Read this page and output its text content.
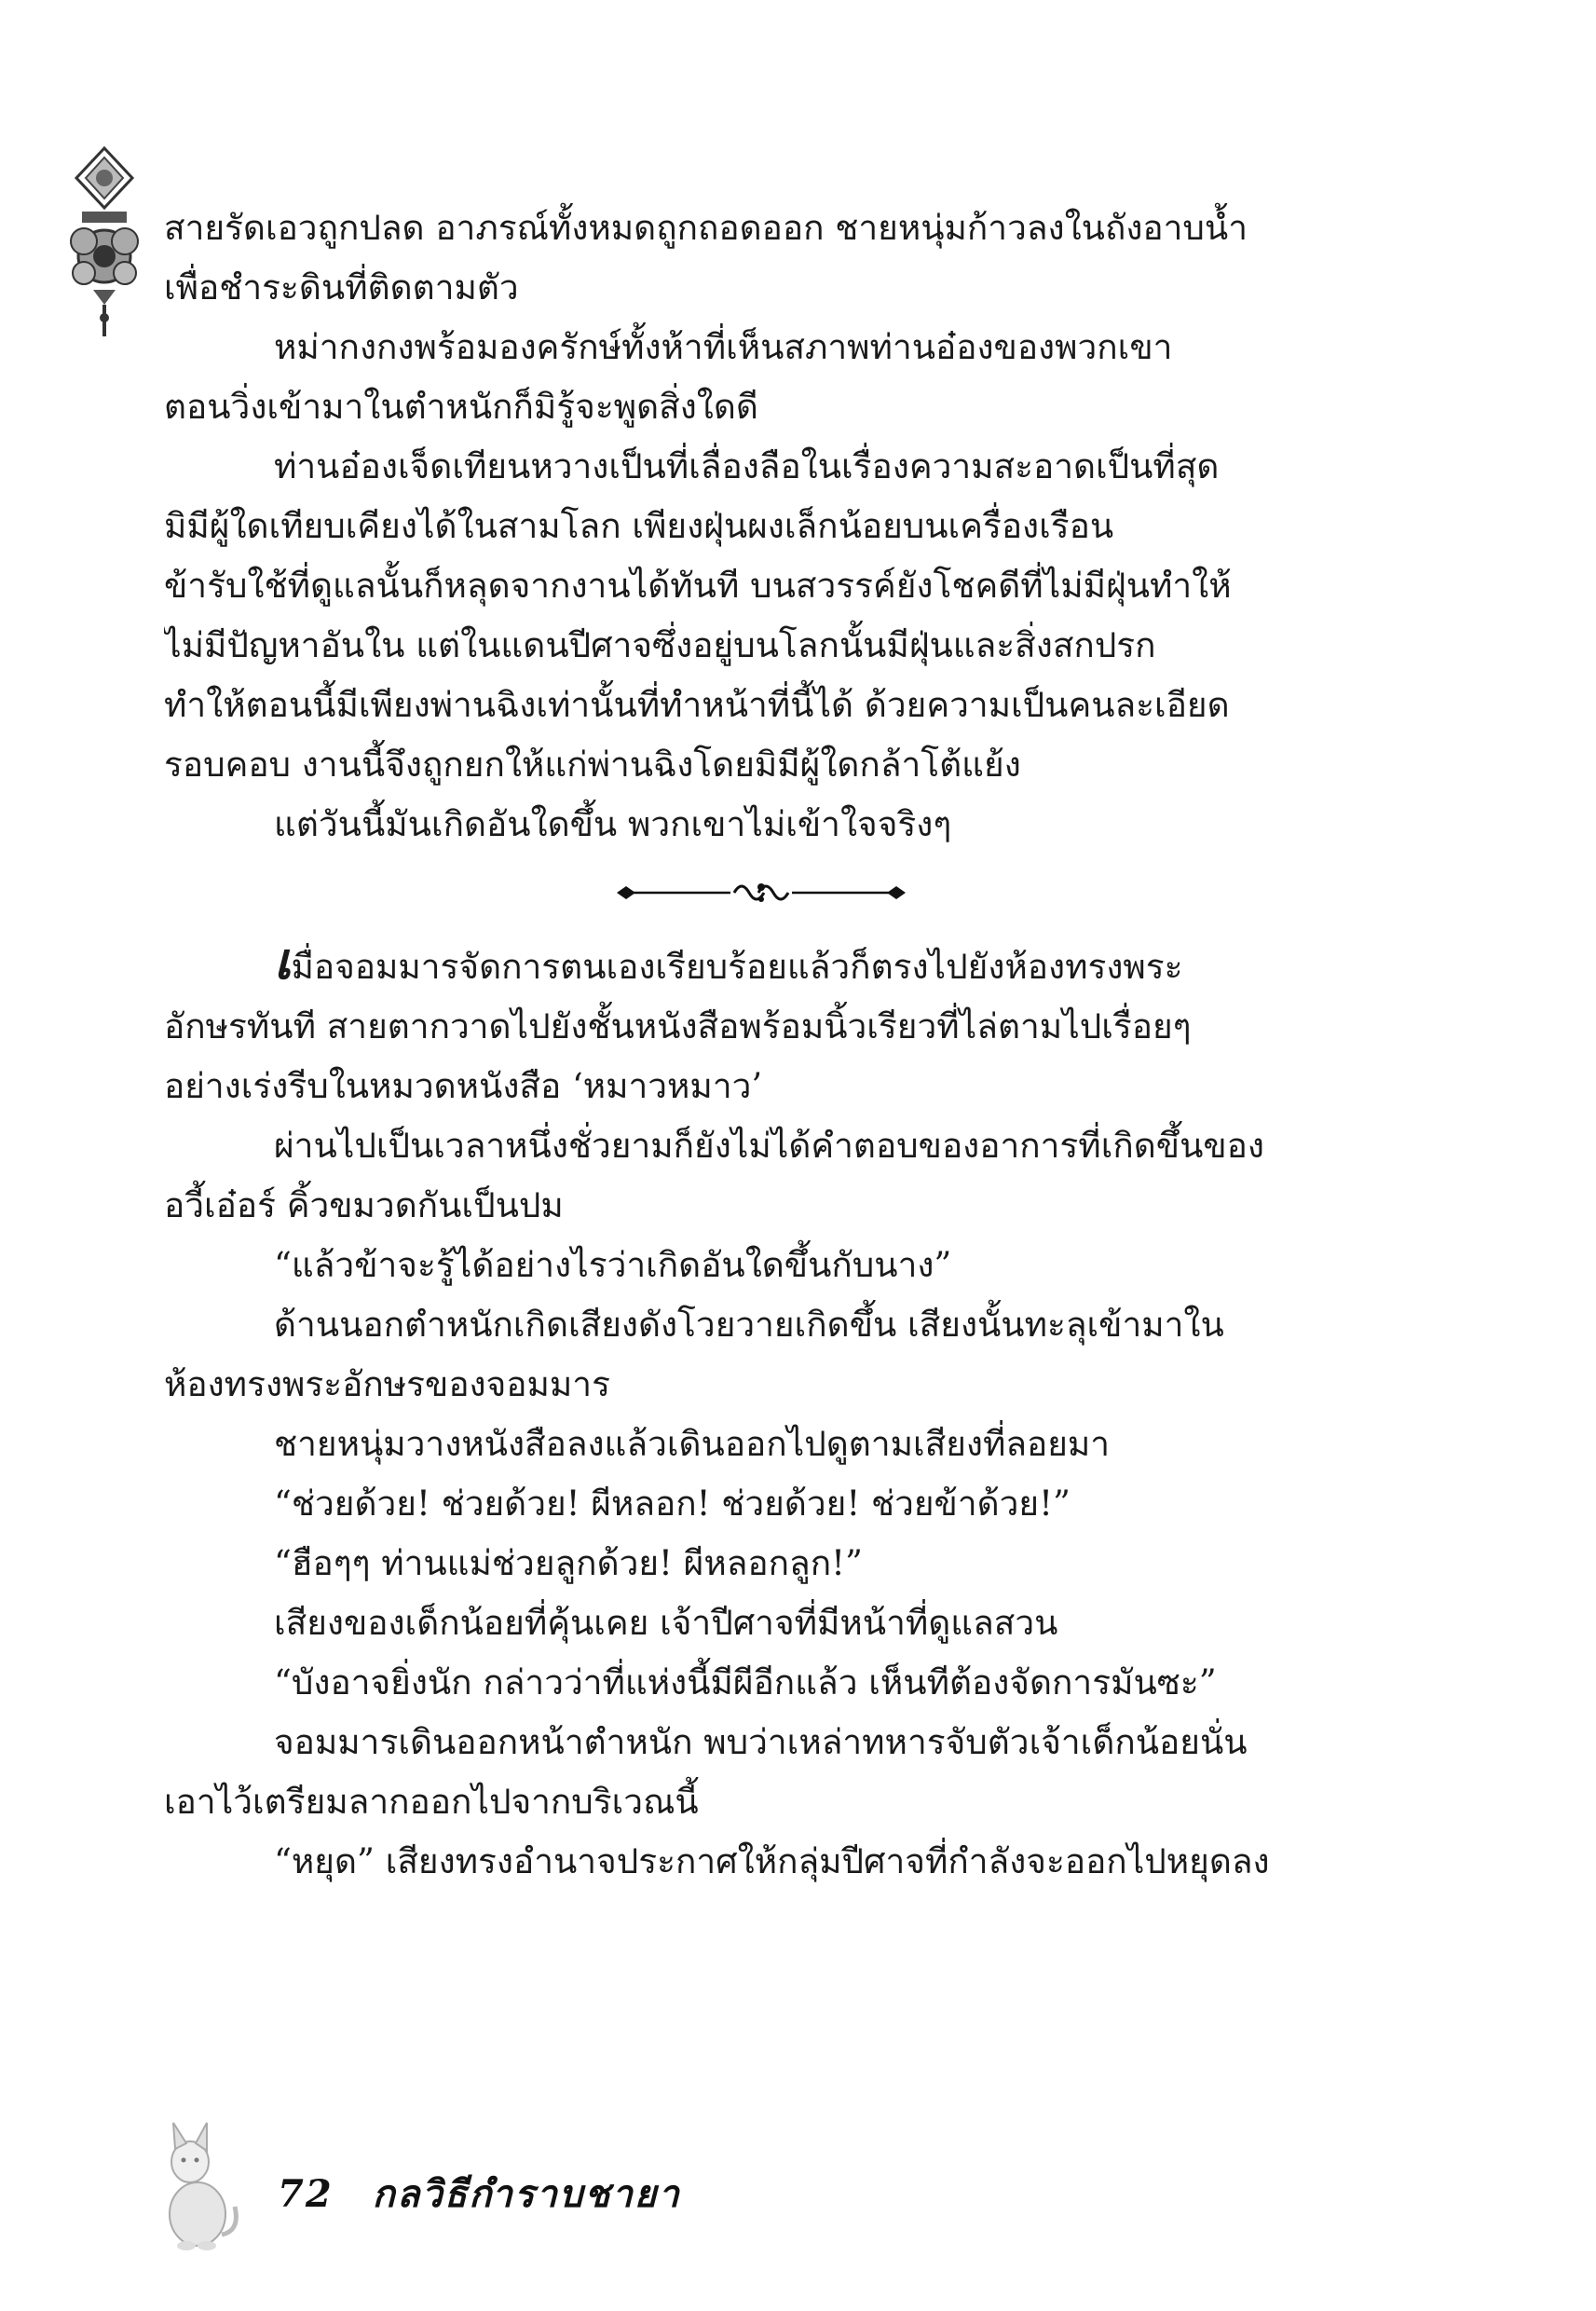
สายรัดเอวถูกปลด อาภรณ์ทั้งหมดถูกถอดออก ชายหนุ่มก้าวลงในถังอาบน้ำ

เพื่อชำระดินที่ติดตามตัว

หม่ากงกงพร้อมองครักษ์ทั้งห้าที่เห็นสภาพท่านอ๋องของพวกเขา

ตอนวิ่งเข้ามาในตำหนักก็มิรู้จะพูดสิ่งใดดี

ท่านอ๋องเจ็ดเทียนหวางเป็นที่เลื่องลือในเรื่องความสะอาดเป็นที่สุด

มิมีผู้ใดเทียบเคียงได้ในสามโลก เพียงฝุ่นผงเล็กน้อยบนเครื่องเรือน

ข้ารับใช้ที่ดูแลนั้นก็หลุดจากงานได้ทันที บนสวรรค์ยังโชคดีที่ไม่มีฝุ่นทำให้

ไม่มีปัญหาอันใน แต่ในแดนปีศาจซึ่งอยู่บนโลกนั้นมีฝุ่นและสิ่งสกปรก

ทำให้ตอนนี้มีเพียงพ่านฉิงเท่านั้นที่ทำหน้าที่นี้ได้ ด้วยความเป็นคนละเอียด

รอบคอบ งานนี้จึงถูกยกให้แก่พ่านฉิงโดยมิมีผู้ใดกล้าโต้แย้ง

แต่วันนี้มันเกิดอันใดขึ้น พวกเขาไม่เข้าใจจริงๆ

เมื่อจอมมารจัดการตนเองเรียบร้อยแล้วก็ตรงไปยังห้องทรงพระ

อักษรทันที สายตากวาดไปยังชั้นหนังสือพร้อมนิ้วเรียวที่ไล่ตามไปเรื่อยๆ

อย่างเร่งรีบในหมวดหนังสือ ‘หมาวหมาว’

ผ่านไปเป็นเวลาหนึ่งชั่วยามก็ยังไม่ได้คำตอบของอาการที่เกิดขึ้นของ

อวี้เอ๋อร์ คิ้วขมวดกันเป็นปม

“แล้วข้าจะรู้ได้อย่างไรว่าเกิดอันใดขึ้นกับนาง”

ด้านนอกตำหนักเกิดเสียงดังโวยวายเกิดขึ้น เสียงนั้นทะลุเข้ามาใน

ห้องทรงพระอักษรของจอมมาร

ชายหนุ่มวางหนังสือลงแล้วเดินออกไปดูตามเสียงที่ลอยมา

“ช่วยด้วย! ช่วยด้วย! ผีหลอก! ช่วยด้วย! ช่วยข้าด้วย!”

“ฮือๆๆ ท่านแม่ช่วยลูกด้วย! ผีหลอกลูก!”

เสียงของเด็กน้อยที่คุ้นเคย เจ้าปีศาจที่มีหน้าที่ดูแลสวน

“บังอาจยิ่งนัก กล่าวว่าที่แห่งนี้มีผีอีกแล้ว เห็นทีต้องจัดการมันซะ”

จอมมารเดินออกหน้าตำหนัก พบว่าเหล่าทหารจับตัวเจ้าเด็กน้อยนั่น

เอาไว้เตรียมลากออกไปจากบริเวณนี้

“หยุด” เสียงทรงอำนาจประกาศให้กลุ่มปีศาจที่กำลังจะออกไปหยุดลง

72 กลวิธีกำราบชายา
